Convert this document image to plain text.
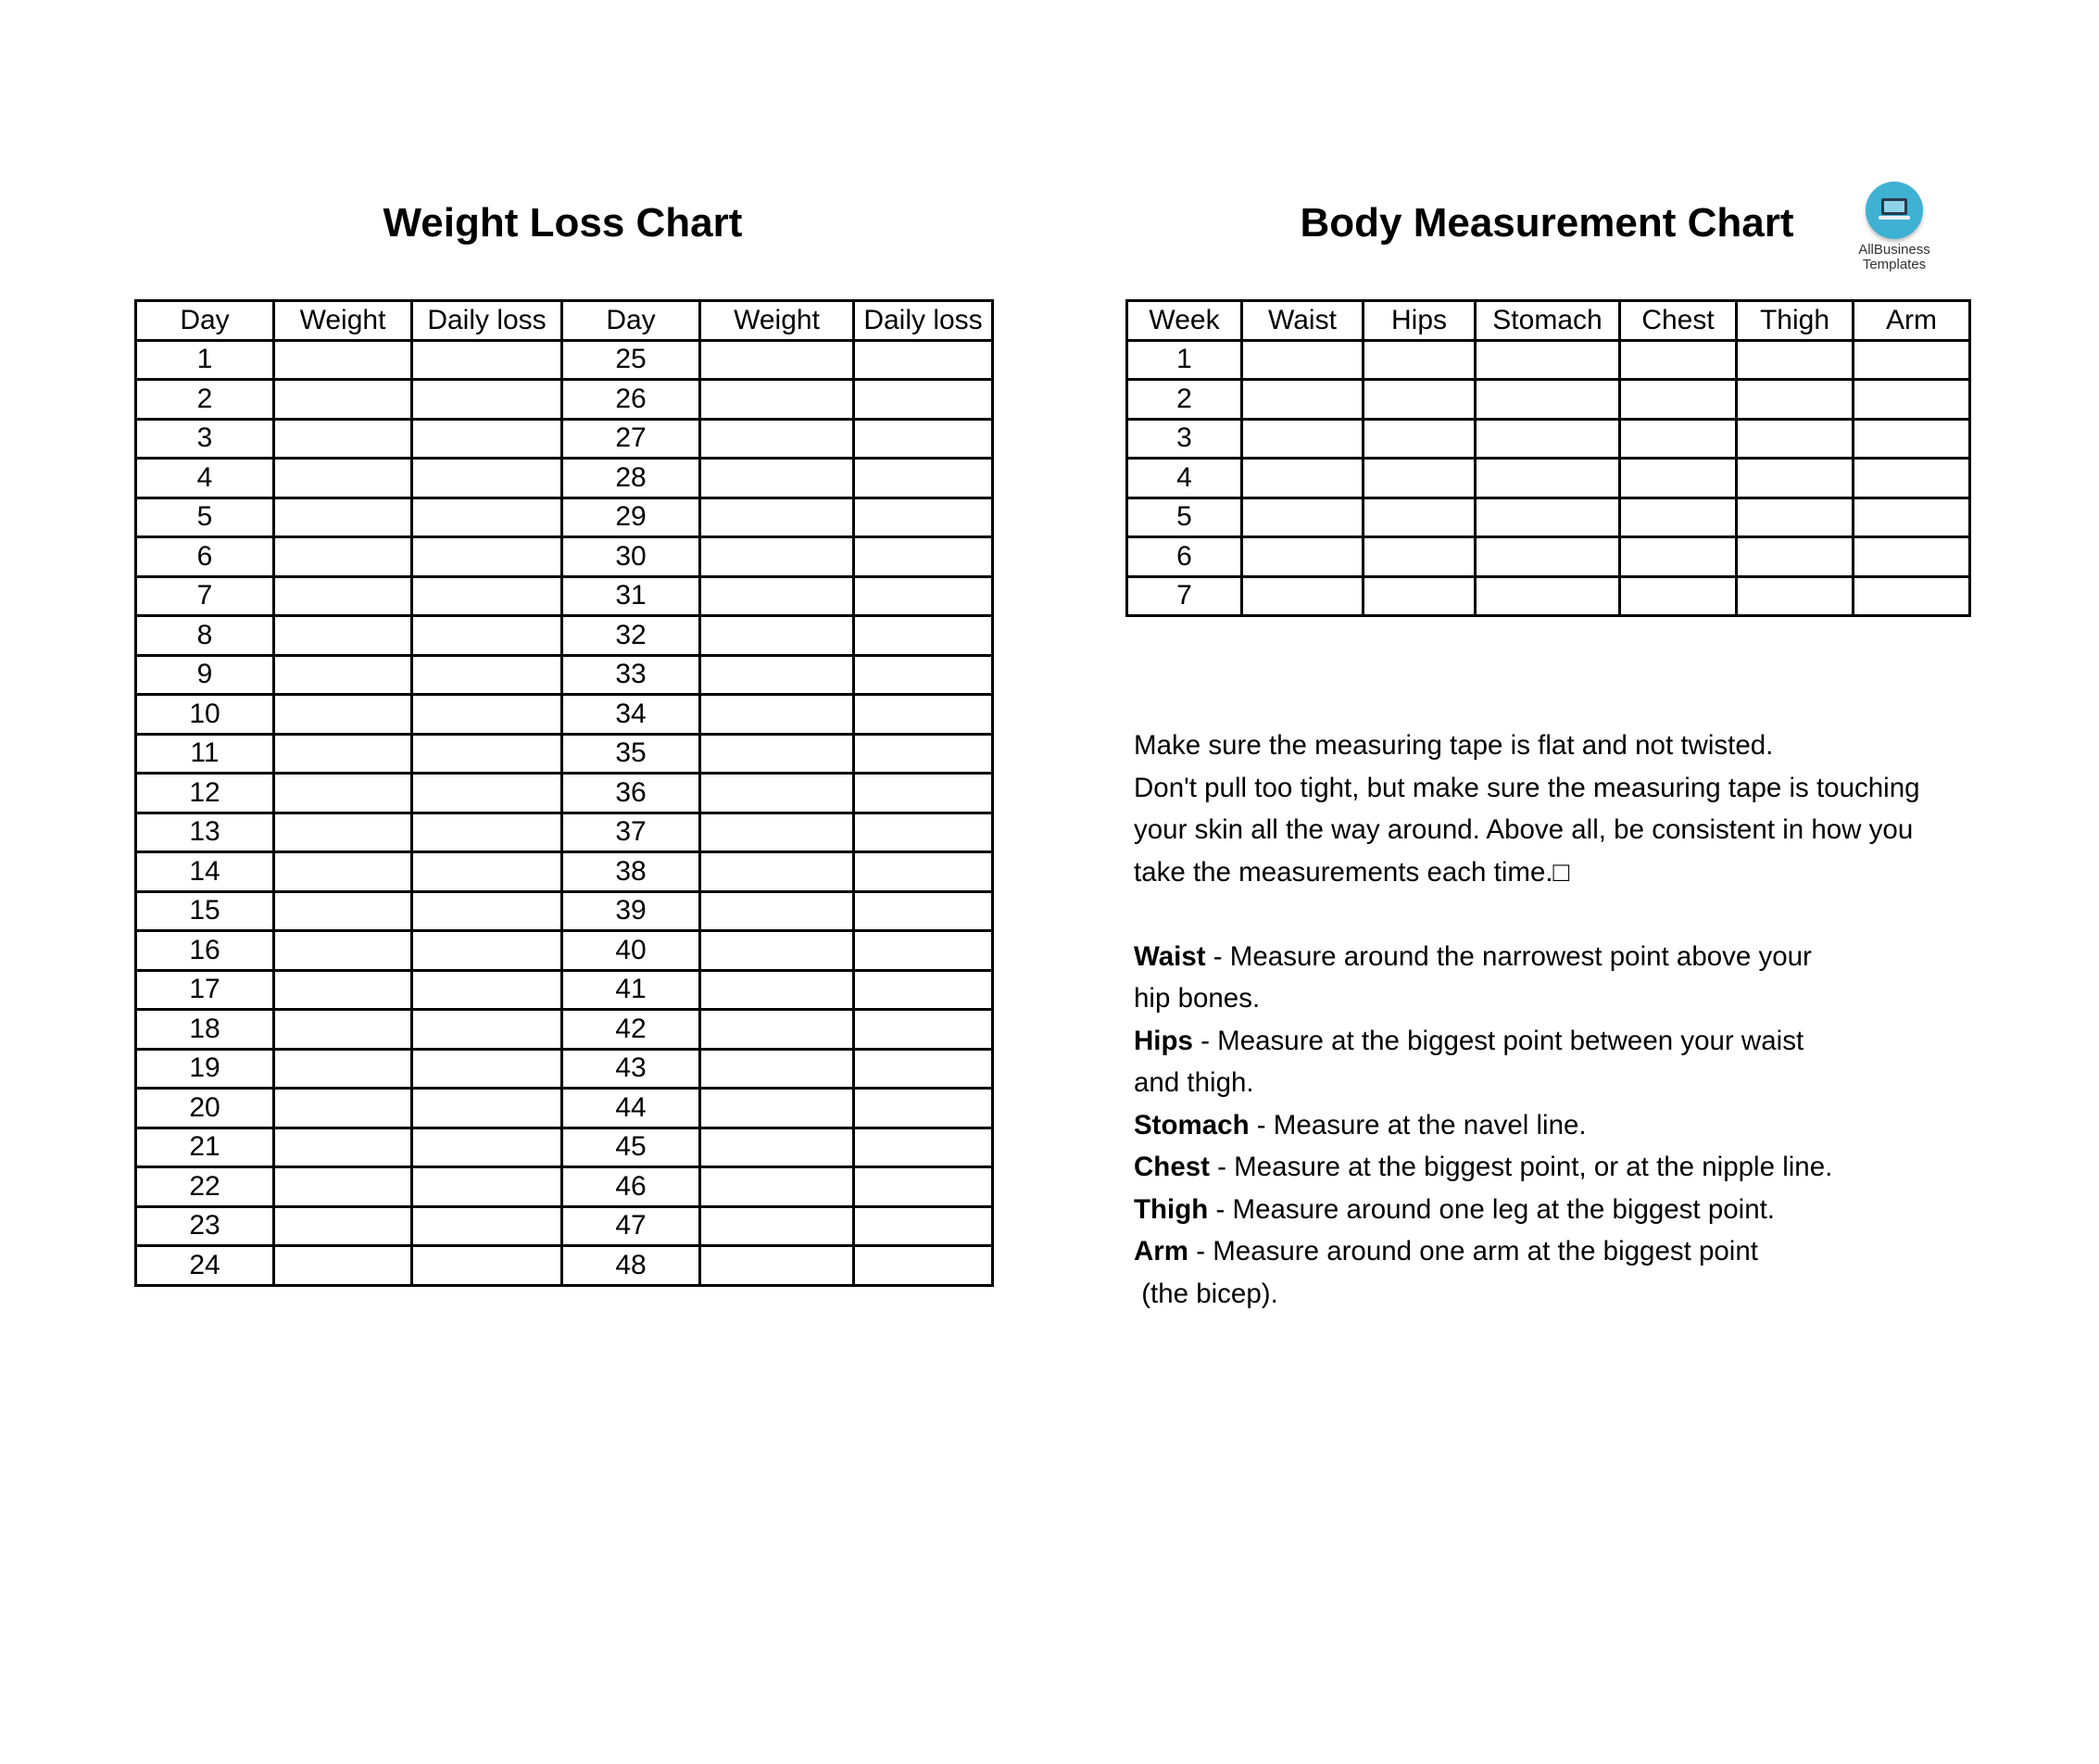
Weight Loss Chart	Body Measurement Chart
AllBusiness
Templates
Day	Weight	Daily loss	Day	Weight	Daily loss
1			25		
2			26		
3			27		
4			28		
5			29		
6			30		
7			31		
8			32		
9			33		
10			34		
11			35		
12			36		
13			37		
14			38		
15			39		
16			40		
17			41		
18			42		
19			43		
20			44		
21			45		
22			46		
23			47		
24			48		
Week	Waist	Hips	Stomach	Chest	Thigh	Arm
1						
2						
3						
4						
5						
6						
7						

Make sure the measuring tape is flat and not twisted.

Don't pull too tight, but make sure the measuring tape is touching

your skin all the way around. Above all, be consistent in how you

take the measurements each time.□

Waist - Measure around the narrowest point above your

hip bones.

Hips - Measure at the biggest point between your waist

and thigh.

Stomach - Measure at the navel line.

Chest - Measure at the biggest point, or at the nipple line.

Thigh - Measure around one leg at the biggest point.

Arm - Measure around one arm at the biggest point

(the bicep).
